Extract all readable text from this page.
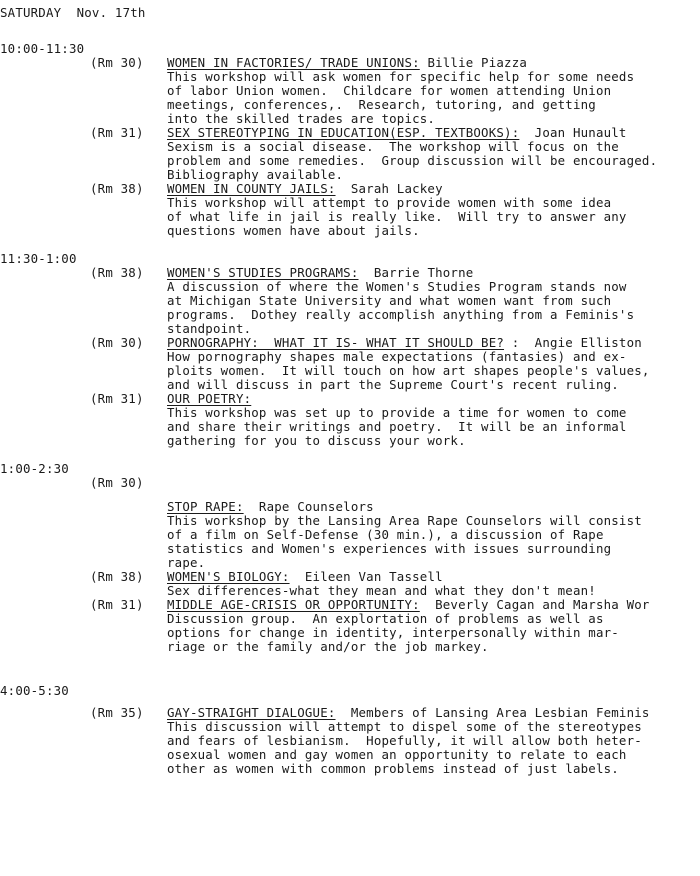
SATURDAY Nov. 17th
10:00-11:30
(Rm 30) WOMEN IN FACTORIES/ TRADE UNIONS: Billie Piazza
This workshop will ask women for specific help for some needs
of labor Union women.  Childcare for women attending Union
meetings, conferences,.  Research, tutoring, and getting
into the skilled trades are topics.
(Rm 31) SEX STEREOTYPING IN EDUCATION(ESP. TEXTBOOKS):  Joan Hunault
Sexism is a social disease.  The workshop will focus on the
problem and some remedies.  Group discussion will be encouraged.
Bibliography available.
(Rm 38) WOMEN IN COUNTY JAILS:  Sarah Lackey
This workshop will attempt to provide women with some idea
of what life in jail is really like.  Will try to answer any
questions women have about jails.
11:30-1:00
(Rm 38) WOMEN'S STUDIES PROGRAMS:  Barrie Thorne
A discussion of where the Women's Studies Program stands now
at Michigan State University and what women want from such
programs.  Dothey really accomplish anything from a Feminis's
standpoint.
(Rm 30) PORNOGRAPHY:  WHAT IT IS- WHAT IT SHOULD BE? :  Angie Elliston
How pornography shapes male expectations (fantasies) and ex-
ploits women.  It will touch on how art shapes people's values,
and will discuss in part the Supreme Court's recent ruling.
(Rm 31) OUR POETRY:
This workshop was set up to provide a time for women to come
and share their writings and poetry.  It will be an informal
gathering for you to discuss your work.
1:00-2:30
(Rm 30)
STOP RAPE:  Rape Counselors
This workshop by the Lansing Area Rape Counselors will consist
of a film on Self-Defense (30 min.), a discussion of Rape
statistics and Women's experiences with issues surrounding
rape.
(Rm 38) WOMEN'S BIOLOGY:  Eileen Van Tassell
Sex differences-what they mean and what they don't mean!
(Rm 31) MIDDLE AGE-CRISIS OR OPPORTUNITY:  Beverly Cagan and Marsha Wor
Discussion group.  An explortation of problems as well as
options for change in identity, interpersonally within mar-
riage or the family and/or the job markey.
4:00-5:30
(Rm 35) GAY-STRAIGHT DIALOGUE:  Members of Lansing Area Lesbian Feminis
This discussion will attempt to dispel some of the stereotypes
and fears of lesbianism.  Hopefully, it will allow both heter-
osexual women and gay women an opportunity to relate to each
other as women with common problems instead of just labels.
